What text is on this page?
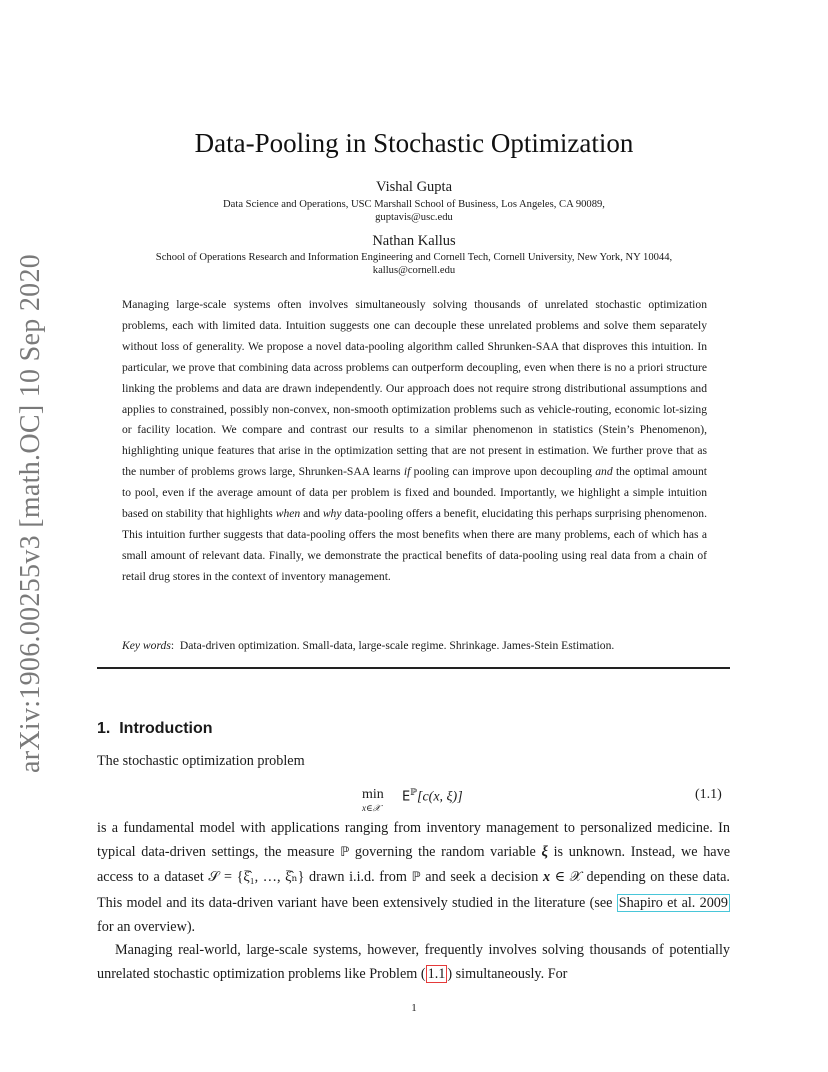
arXiv:1906.00255v3 [math.OC] 10 Sep 2020
Data-Pooling in Stochastic Optimization
Vishal Gupta
Data Science and Operations, USC Marshall School of Business, Los Angeles, CA 90089,
guptavis@usc.edu
Nathan Kallus
School of Operations Research and Information Engineering and Cornell Tech, Cornell University, New York, NY 10044,
kallus@cornell.edu

Managing large-scale systems often involves simultaneously solving thousands of unrelated stochastic optimization problems, each with limited data. Intuition suggests one can decouple these unrelated problems and solve them separately without loss of generality. We propose a novel data-pooling algorithm called Shrunken-SAA that disproves this intuition. In particular, we prove that combining data across problems can outperform decoupling, even when there is no a priori structure linking the problems and data are drawn independently. Our approach does not require strong distributional assumptions and applies to constrained, possibly non-convex, non-smooth optimization problems such as vehicle-routing, economic lot-sizing or facility location. We compare and contrast our results to a similar phenomenon in statistics (Stein’s Phenomenon), highlighting unique features that arise in the optimization setting that are not present in estimation. We further prove that as the number of problems grows large, Shrunken-SAA learns if pooling can improve upon decoupling and the optimal amount to pool, even if the average amount of data per problem is fixed and bounded. Importantly, we highlight a simple intuition based on stability that highlights when and why data-pooling offers a benefit, elucidating this perhaps surprising phenomenon. This intuition further suggests that data-pooling offers the most benefits when there are many problems, each of which has a small amount of relevant data. Finally, we demonstrate the practical benefits of data-pooling using real data from a chain of retail drug stores in the context of inventory management.

Key words:  Data-driven optimization. Small-data, large-scale regime. Shrinkage. James-Stein Estimation.
1. Introduction

The stochastic optimization problem

min
x∈𝒳
$E^ℙ[c(x$, ξ)]	(1.1)

is a fundamental model with applications ranging from inventory management to personalized medicine. In typical data-driven settings, the measure ℙ governing the random variable ξ is unknown. Instead, we have access to a dataset 𝒮 = {ξ̂₁, …, ξ̂ₙ} drawn i.i.d. from ℙ and seek a decision x ∈ 𝒳 depending on these data. This model and its data-driven variant have been extensively studied in the literature (see Shapiro et al. 2009 for an overview).

Managing real-world, large-scale systems, however, frequently involves solving thousands of potentially unrelated stochastic optimization problems like Problem ( 1.1 ) simultaneously. For

1
